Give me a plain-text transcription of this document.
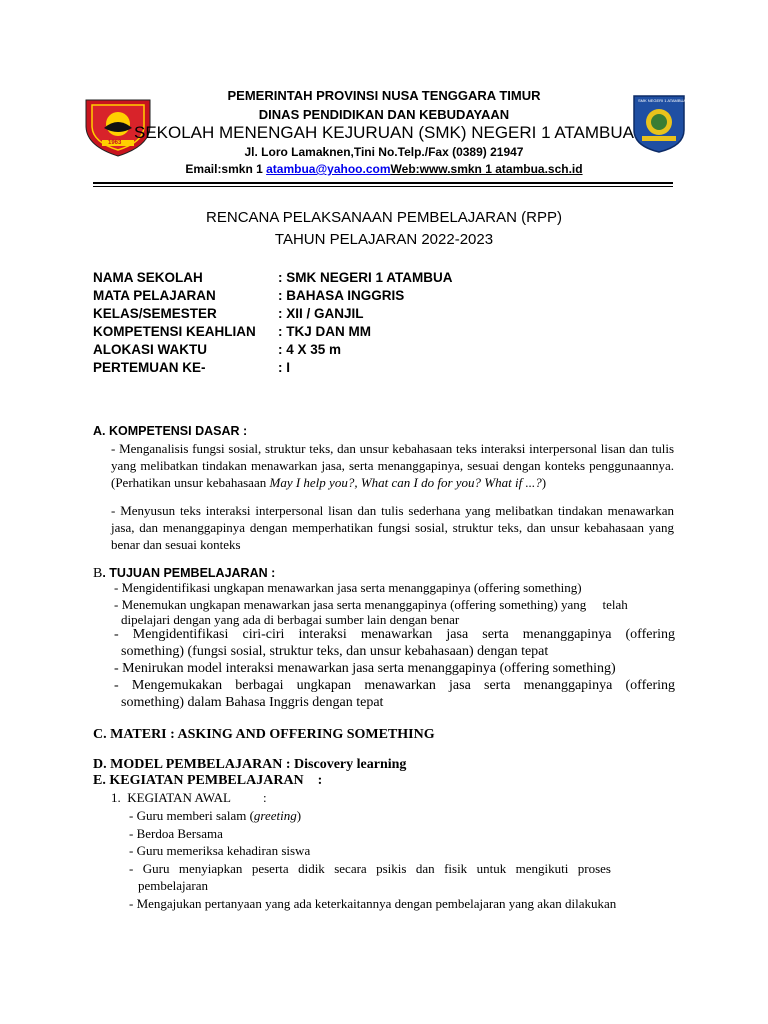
1963
SMK NEGERI 1 ATAMBUA
PEMERINTAH PROVINSI NUSA TENGGARA TIMUR
DINAS PENDIDIKAN DAN KEBUDAYAAN
SEKOLAH MENENGAH KEJURUAN (SMK) NEGERI 1 ATAMBUA
Jl. Loro Lamaknen,Tini No.Telp./Fax (0389) 21947
Email:smkn 1 atambua@yahoo.comWeb:www.smkn 1 atambua.sch.id
RENCANA PELAKSANAAN PEMBELAJARAN (RPP)
TAHUN PELAJARAN 2022-2023
NAMA SEKOLAH	: SMK NEGERI 1 ATAMBUA
MATA PELAJARAN	: BAHASA INGGRIS
KELAS/SEMESTER	: XII / GANJIL
KOMPETENSI KEAHLIAN : TKJ DAN MM
ALOKASI WAKTU	: 4 X 35 m
PERTEMUAN KE-	: I
A. KOMPETENSI DASAR :
- Menganalisis fungsi sosial, struktur teks, dan unsur kebahasaan teks interaksi interpersonal lisan dan tulis yang melibatkan tindakan menawarkan jasa, serta menanggapinya, sesuai dengan konteks penggunaannya. (Perhatikan unsur kebahasaan May I help you?, What can I do for you? What if ...?)
- Menyusun teks interaksi interpersonal lisan dan tulis sederhana yang melibatkan tindakan menawarkan jasa, dan menanggapinya dengan memperhatikan fungsi sosial, struktur teks, dan unsur kebahasaan yang benar dan sesuai konteks
B. TUJUAN PEMBELAJARAN :
- Mengidentifikasi ungkapan menawarkan jasa serta menanggapinya (offering something)
- Menemukan ungkapan menawarkan jasa serta menanggapinya (offering something) yang     telah
dipelajari dengan yang ada di berbagai sumber lain dengan benar
- Mengidentifikasi ciri-ciri interaksi menawarkan jasa serta menanggapinya (offering
something) (fungsi sosial, struktur teks, dan unsur kebahasaan) dengan tepat
- Menirukan model interaksi menawarkan jasa serta menanggapinya (offering something)
- Mengemukakan berbagai ungkapan menawarkan jasa serta menanggapinya (offering
something) dalam Bahasa Inggris dengan tepat
C. MATERI : ASKING AND OFFERING SOMETHING
D. MODEL PEMBELAJARAN : Discovery learning
E. KEGIATAN PEMBELAJARAN    :
1.  KEGIATAN AWAL          :
- Guru memberi salam (greeting)
- Berdoa Bersama
- Guru memeriksa kehadiran siswa
- Guru menyiapkan peserta didik secara psikis dan fisik untuk mengikuti proses
pembelajaran
- Mengajukan pertanyaan yang ada keterkaitannya dengan pembelajaran yang akan dilakukan
